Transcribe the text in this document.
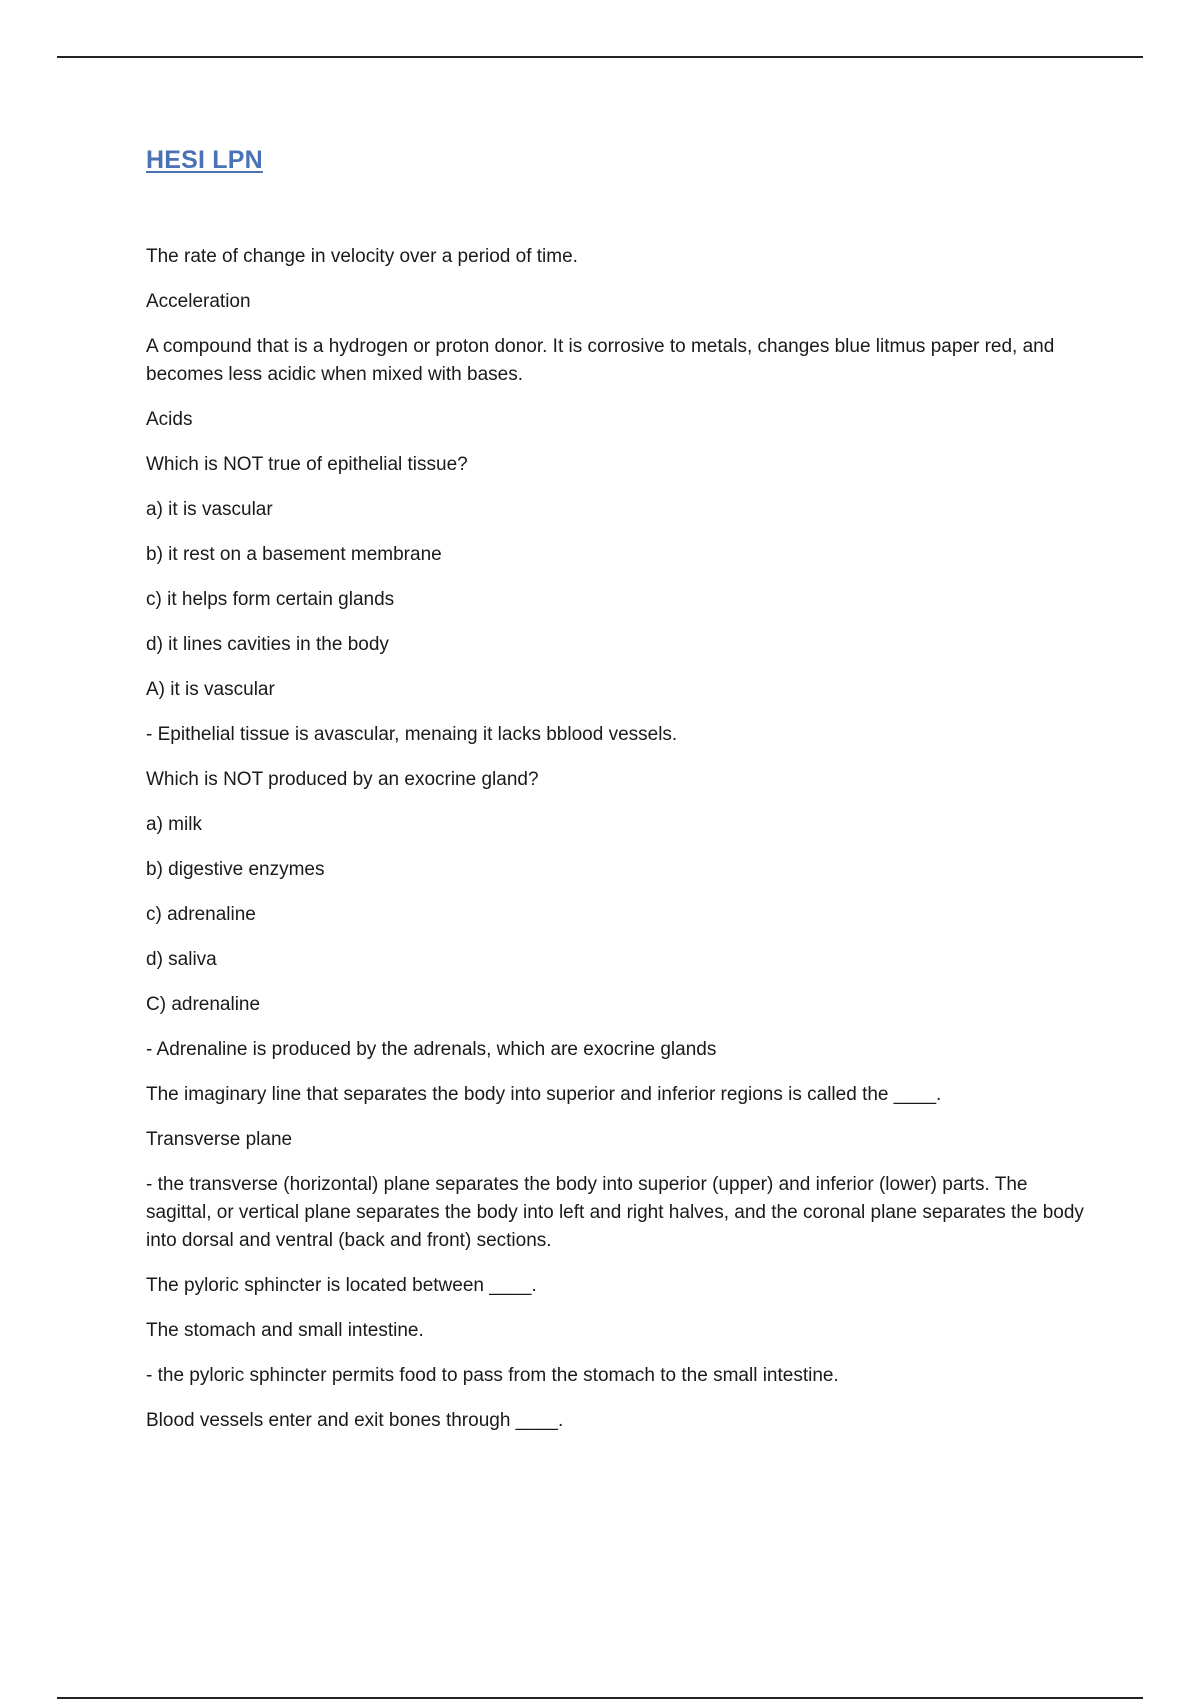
HESI LPN

The rate of change in velocity over a period of time.

Acceleration

A compound that is a hydrogen or proton donor. It is corrosive to metals, changes blue litmus paper red, and becomes less acidic when mixed with bases.

Acids

Which is NOT true of epithelial tissue?

a) it is vascular

b) it rest on a basement membrane

c) it helps form certain glands

d) it lines cavities in the body

A) it is vascular

- Epithelial tissue is avascular, menaing it lacks bblood vessels.

Which is NOT produced by an exocrine gland?

a) milk

b) digestive enzymes

c) adrenaline

d) saliva

C) adrenaline

- Adrenaline is produced by the adrenals, which are exocrine glands

The imaginary line that separates the body into superior and inferior regions is called the ____.

Transverse plane

- the transverse (horizontal) plane separates the body into superior (upper) and inferior (lower) parts. The sagittal, or vertical plane separates the body into left and right halves, and the coronal plane separates the body into dorsal and ventral (back and front) sections.

The pyloric sphincter is located between ____.

The stomach and small intestine.

- the pyloric sphincter permits food to pass from the stomach to the small intestine.

Blood vessels enter and exit bones through ____.
